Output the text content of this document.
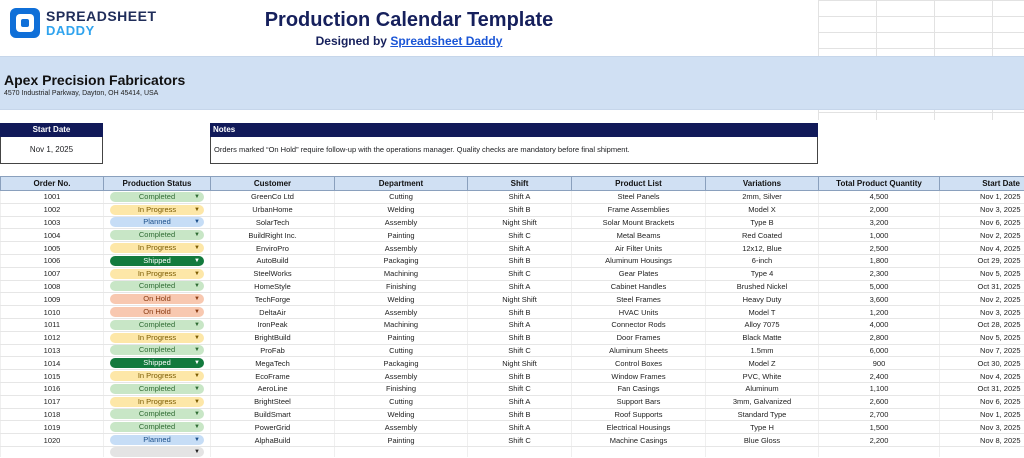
SPREADSHEET
DADDY	Production Calendar Template
Designed by Spreadsheet Daddy
Apex Precision Fabricators
4570 Industrial Parkway, Dayton, OH 45414, USA
Start Date
Nov 1, 2025
Notes
Orders marked “On Hold” require follow-up with the operations manager. Quality checks are mandatory before final shipment.
Order No.	Production Status	Customer	Department	Shift	Product List	Variations	Total Product Quantity	Start Date
1001	Completed ▼	GreenCo Ltd	Cutting	Shift A	Steel Panels	2mm, Silver	4,500	Nov 1, 2025
1002	In Progress ▼	UrbanHome	Welding	Shift B	Frame Assemblies	Model X	2,000	Nov 3, 2025
1003	Planned ▼	SolarTech	Assembly	Night Shift	Solar Mount Brackets	Type B	3,200	Nov 6, 2025
1004	Completed ▼	BuildRight Inc.	Painting	Shift C	Metal Beams	Red Coated	1,000	Nov 2, 2025
1005	In Progress ▼	EnviroPro	Assembly	Shift A	Air Filter Units	12x12, Blue	2,500	Nov 4, 2025
1006	Shipped ▼	AutoBuild	Packaging	Shift B	Aluminum Housings	6-inch	1,800	Oct 29, 2025
1007	In Progress ▼	SteelWorks	Machining	Shift C	Gear Plates	Type 4	2,300	Nov 5, 2025
1008	Completed ▼	HomeStyle	Finishing	Shift A	Cabinet Handles	Brushed Nickel	5,000	Oct 31, 2025
1009	On Hold ▼	TechForge	Welding	Night Shift	Steel Frames	Heavy Duty	3,600	Nov 2, 2025
1010	On Hold ▼	DeltaAir	Assembly	Shift B	HVAC Units	Model T	1,200	Nov 3, 2025
1011	Completed ▼	IronPeak	Machining	Shift A	Connector Rods	Alloy 7075	4,000	Oct 28, 2025
1012	In Progress ▼	BrightBuild	Painting	Shift B	Door Frames	Black Matte	2,800	Nov 5, 2025
1013	Completed ▼	ProFab	Cutting	Shift C	Aluminum Sheets	1.5mm	6,000	Nov 7, 2025
1014	Shipped ▼	MegaTech	Packaging	Night Shift	Control Boxes	Model Z	900	Oct 30, 2025
1015	In Progress ▼	EcoFrame	Assembly	Shift B	Window Frames	PVC, White	2,400	Nov 4, 2025
1016	Completed ▼	AeroLine	Finishing	Shift C	Fan Casings	Aluminum	1,100	Oct 31, 2025
1017	In Progress ▼	BrightSteel	Cutting	Shift A	Support Bars	3mm, Galvanized	2,600	Nov 6, 2025
1018	Completed ▼	BuildSmart	Welding	Shift B	Roof Supports	Standard Type	2,700	Nov 1, 2025
1019	Completed ▼	PowerGrid	Assembly	Shift A	Electrical Housings	Type H	1,500	Nov 3, 2025
1020	Planned ▼	AlphaBuild	Painting	Shift C	Machine Casings	Blue Gloss	2,200	Nov 8, 2025

	▼							
